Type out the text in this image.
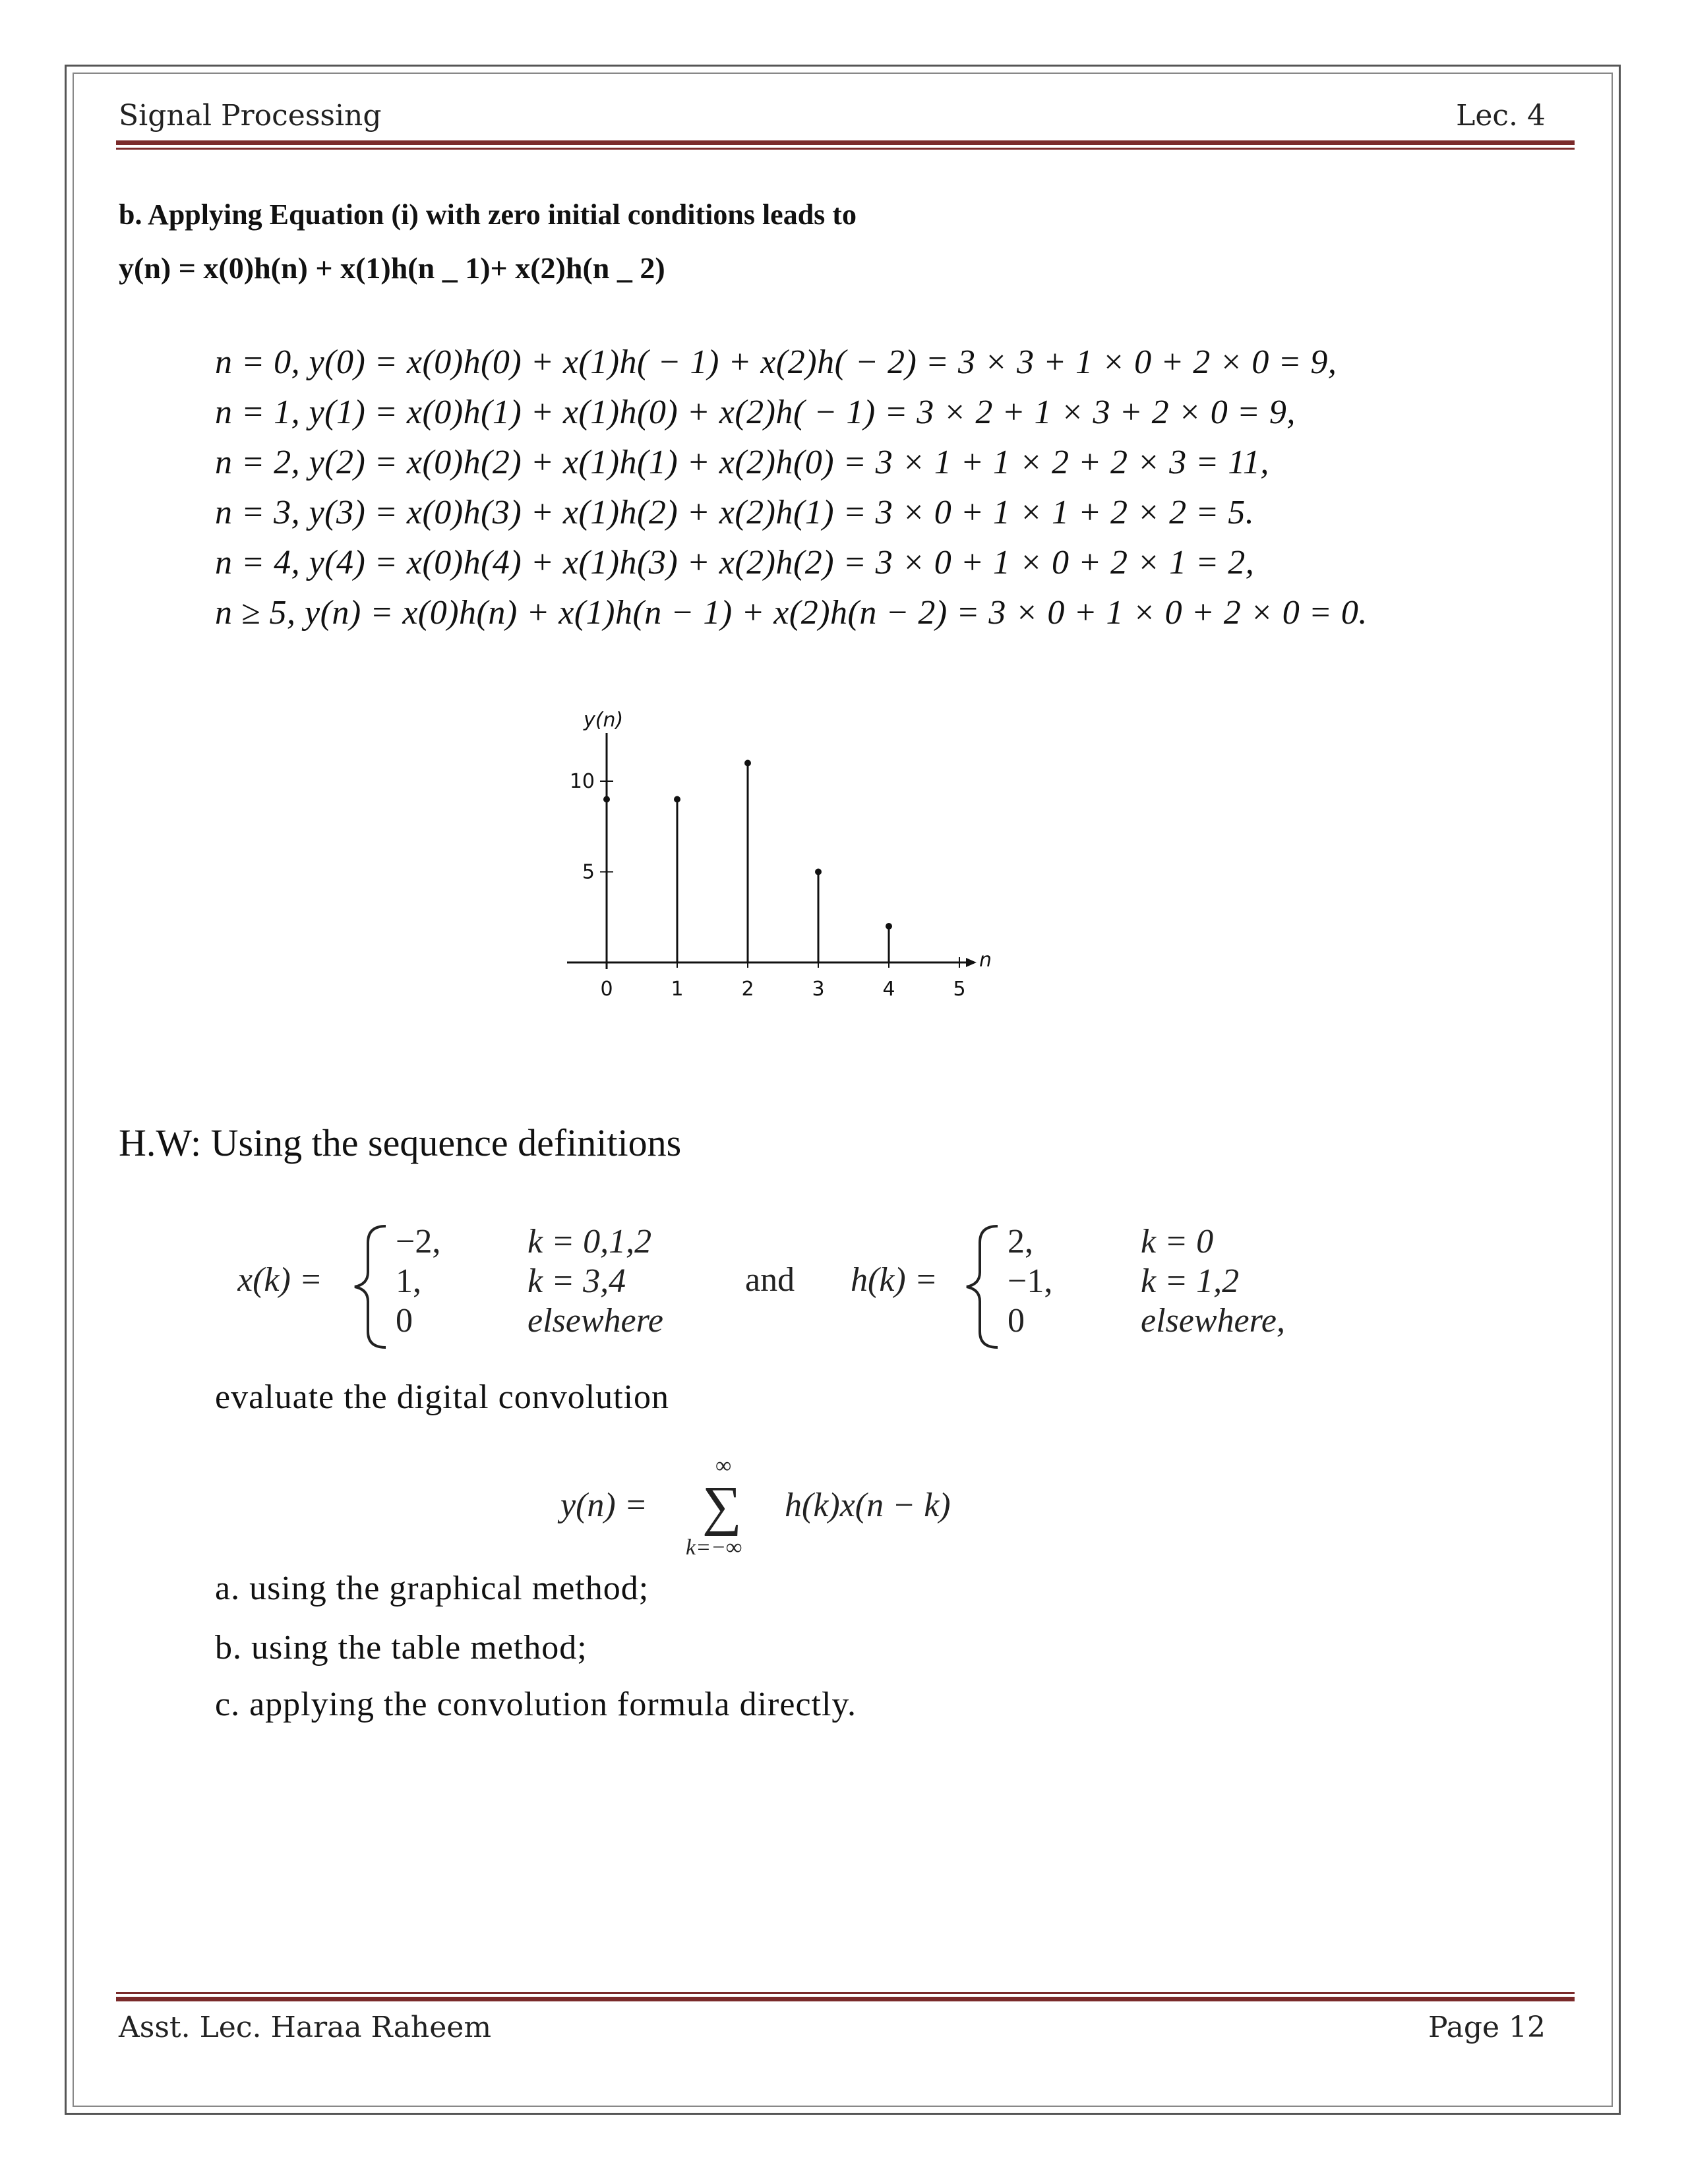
Signal Processing	Lec. 4
b. Applying Equation (i) with zero initial conditions leads to
y(n) = x(0)h(n) + x(1)h(n _ 1)+ x(2)h(n _ 2)
n = 0, y(0) = x(0)h(0) + x(1)h( − 1) + x(2)h( − 2) = 3 × 3 + 1 × 0 + 2 × 0 = 9,
n = 1, y(1) = x(0)h(1) + x(1)h(0) + x(2)h( − 1) = 3 × 2 + 1 × 3 + 2 × 0 = 9,
n = 2, y(2) = x(0)h(2) + x(1)h(1) + x(2)h(0) = 3 × 1 + 1 × 2 + 2 × 3 = 11,
n = 3, y(3) = x(0)h(3) + x(1)h(2) + x(2)h(1) = 3 × 0 + 1 × 1 + 2 × 2 = 5.
n = 4, y(4) = x(0)h(4) + x(1)h(3) + x(2)h(2) = 3 × 0 + 1 × 0 + 2 × 1 = 2,
n ≥ 5, y(n) = x(0)h(n) + x(1)h(n − 1) + x(2)h(n − 2) = 3 × 0 + 1 × 0 + 2 × 0 = 0.
y(n)
n
0	1	2	3	4	5
5
10
H.W: Using the sequence definitions
x(k) =
−2,
1,
0
k = 0,1,2
k = 3,4
elsewhere
and h(k) =
2,
−1,
0
k = 0
k = 1,2
elsewhere,
evaluate the digital convolution
y(n) =
∞
∑
k=−∞
h(k)x(n − k)
a. using the graphical method;
b. using the table method;
c. applying the convolution formula directly.
Asst. Lec. Haraa Raheem	Page 12
